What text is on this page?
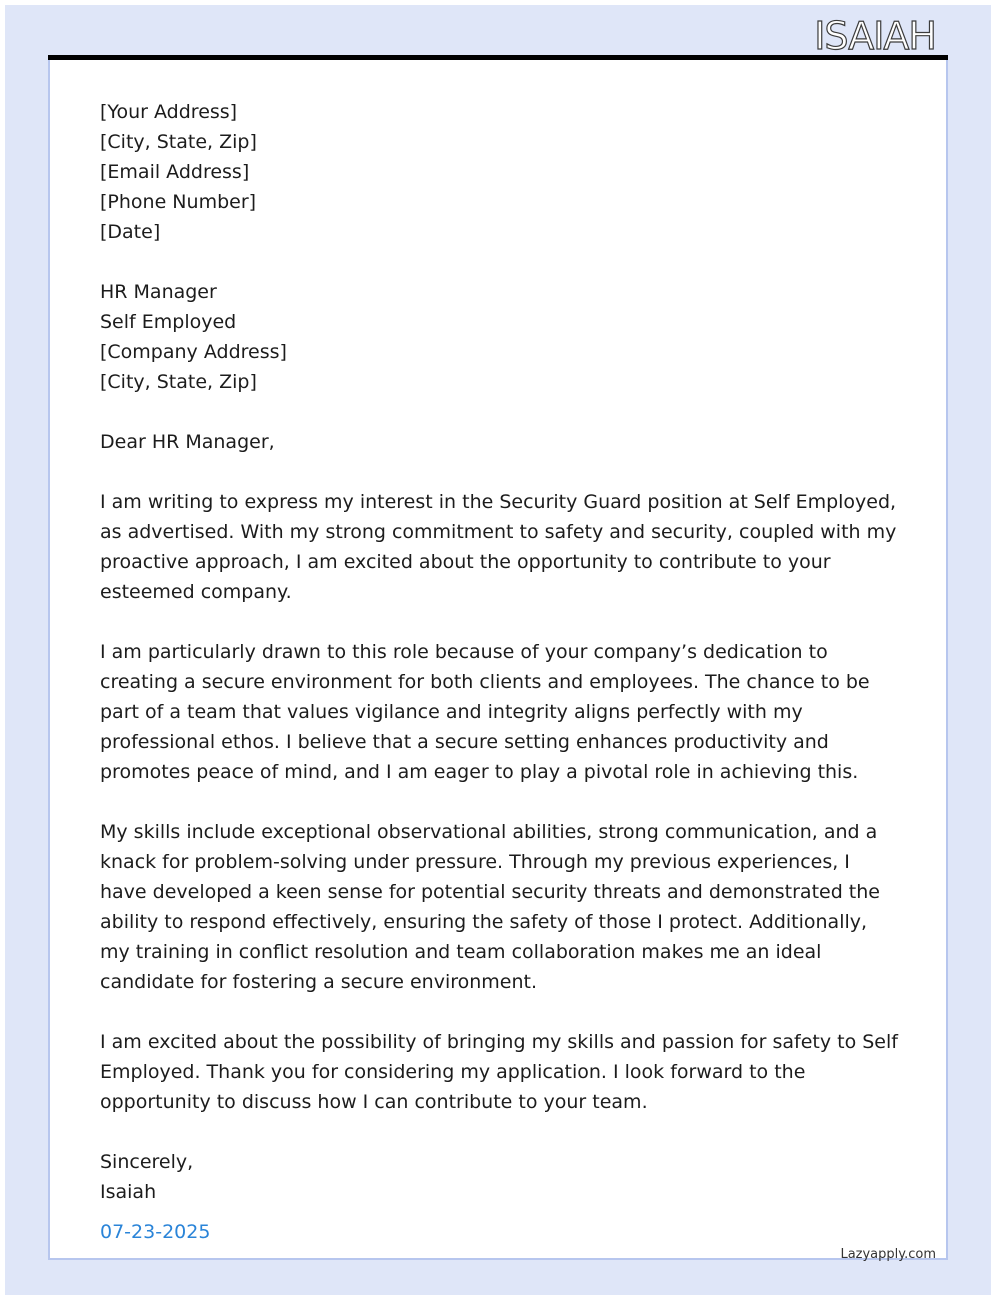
ISAIAH
[Your Address]
[City, State, Zip]
[Email Address]
[Phone Number]
[Date]
HR Manager
Self Employed
[Company Address]
[City, State, Zip]

Dear HR Manager,

I am writing to express my interest in the Security Guard position at Self Employed, as advertised. With my strong commitment to safety and security, coupled with my proactive approach, I am excited about the opportunity to contribute to your esteemed company.

I am particularly drawn to this role because of your company’s dedication to creating a secure environment for both clients and employees. The chance to be part of a team that values vigilance and integrity aligns perfectly with my professional ethos. I believe that a secure setting enhances productivity and promotes peace of mind, and I am eager to play a pivotal role in achieving this.

My skills include exceptional observational abilities, strong communication, and a knack for problem-solving under pressure. Through my previous experiences, I have developed a keen sense for potential security threats and demonstrated the ability to respond effectively, ensuring the safety of those I protect. Additionally, my training in conflict resolution and team collaboration makes me an ideal candidate for fostering a secure environment.

I am excited about the possibility of bringing my skills and passion for safety to Self Employed. Thank you for considering my application. I look forward to the opportunity to discuss how I can contribute to your team.

Sincerely,
Isaiah
07-23-2025
Lazyapply.com
